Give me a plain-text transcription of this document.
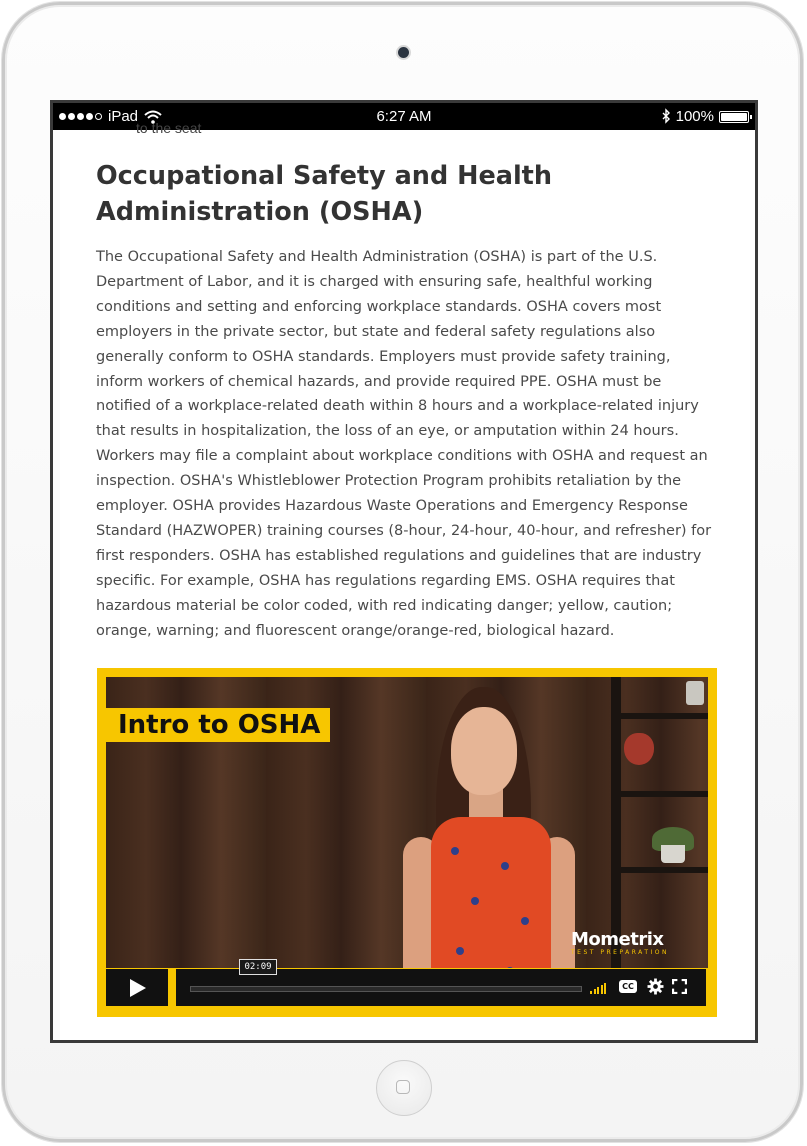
iPad	6:27 AM	100%
to the seat
Occupational Safety and Health Administration (OSHA)

The Occupational Safety and Health Administration (OSHA) is part of the U.S. Department of Labor, and it is charged with ensuring safe, healthful working conditions and setting and enforcing workplace standards. OSHA covers most employers in the private sector, but state and federal safety regulations also generally conform to OSHA standards. Employers must provide safety training, inform workers of chemical hazards, and provide required PPE. OSHA must be notified of a workplace-related death within 8 hours and a workplace-related injury that results in hospitalization, the loss of an eye, or amputation within 24 hours. Workers may file a complaint about workplace conditions with OSHA and request an inspection. OSHA's Whistleblower Protection Program prohibits retaliation by the employer. OSHA provides Hazardous Waste Operations and Emergency Response Standard (HAZWOPER) training courses (8-hour, 24-hour, 40-hour, and refresher) for first responders. OSHA has established regulations and guidelines that are industry specific. For example, OSHA has regulations regarding EMS. OSHA requires that hazardous material be color coded, with red indicating danger; yellow, caution; orange, warning; and fluorescent orange/orange-red, biological hazard.

Intro to OSHA
Mometrix
TEST PREPARATION
02:09
CC
